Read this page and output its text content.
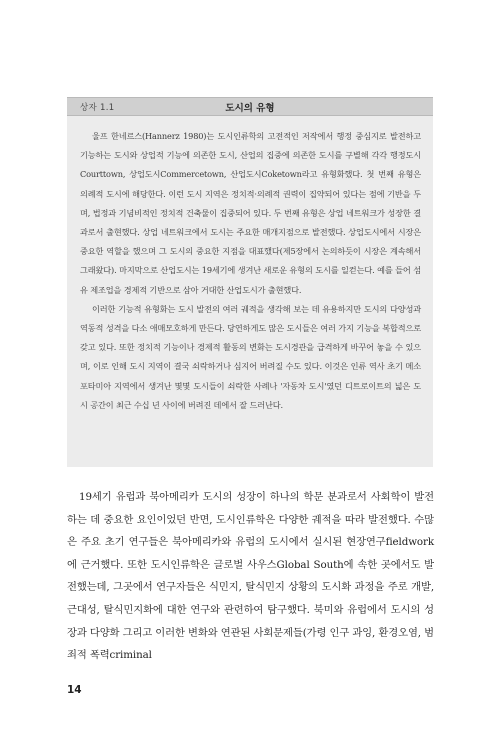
상자 1.1	도시의 유형

울프 한네르스(Hannerz 1980)는 도시인류학의 고전적인 저작에서 행정 중심지로 발전하고 기능하는 도시와 상업적 기능에 의존한 도시, 산업의 집중에 의존한 도시를 구별해 각각 행정도시Courttown, 상업도시Commercetown, 산업도시Coketown라고 유형화했다. 첫 번째 유형은 의례적 도시에 해당한다. 이런 도시 지역은 정치적·의례적 권력이 집약되어 있다는 점에 기반을 두며, 법정과 기념비적인 정치적 건축물이 집중되어 있다. 두 번째 유형은 상업 네트워크가 성장한 결과로서 출현했다. 상업 네트워크에서 도시는 주요한 매개지점으로 발전했다. 상업도시에서 시장은 중요한 역할을 했으며 그 도시의 중요한 지점을 대표했다(제5장에서 논의하듯이 시장은 계속해서 그래왔다). 마지막으로 산업도시는 19세기에 생겨난 새로운 유형의 도시를 일컫는다. 예를 들어 섬유 제조업을 경제적 기반으로 삼아 거대한 산업도시가 출현했다.

이러한 기능적 유형화는 도시 발전의 여러 궤적을 생각해 보는 데 유용하지만 도시의 다양성과 역동적 성격을 다소 애매모호하게 만든다. 당연하게도 많은 도시들은 여러 가지 기능을 복합적으로 갖고 있다. 또한 정치적 기능이나 경제적 활동의 변화는 도시경관을 급격하게 바꾸어 놓을 수 있으며, 이로 인해 도시 지역이 결국 쇠락하거나 심지어 버려질 수도 있다. 이것은 인류 역사 초기 메소포타미아 지역에서 생겨난 몇몇 도시들이 쇠락한 사례나 '자동차 도시'였던 디트로이트의 넓은 도시 공간이 최근 수십 년 사이에 버려진 데에서 잘 드러난다.

19세기 유럽과 북아메리카 도시의 성장이 하나의 학문 분과로서 사회학이 발전하는 데 중요한 요인이었던 반면, 도시인류학은 다양한 궤적을 따라 발전했다. 수많은 주요 초기 연구들은 북아메리카와 유럽의 도시에서 실시된 현장연구fieldwork에 근거했다. 또한 도시인류학은 글로벌 사우스Global South에 속한 곳에서도 발전했는데, 그곳에서 연구자들은 식민지, 탈식민지 상황의 도시화 과정을 주로 개발, 근대성, 탈식민지화에 대한 연구와 관련하여 탐구했다. 북미와 유럽에서 도시의 성장과 다양화 그리고 이러한 변화와 연관된 사회문제들(가령 인구 과잉, 환경오염, 범죄적 폭력criminal

14
